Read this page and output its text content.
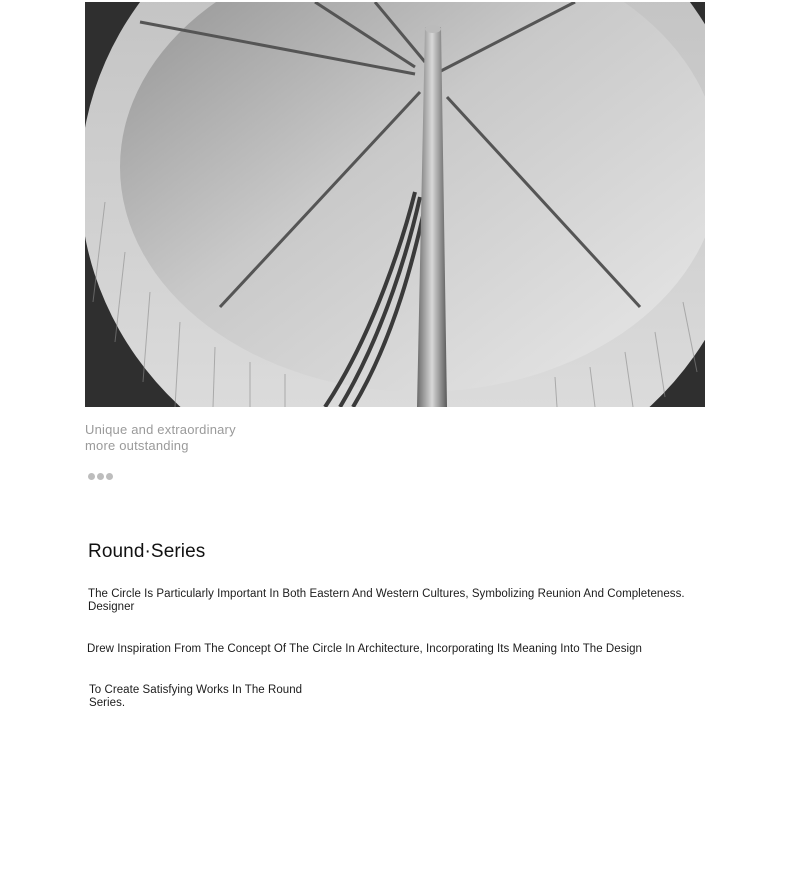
Unique and extraordinary
more outstanding
Round·Series
The Circle Is Particularly Important In Both Eastern And Western Cultures, Symbolizing Reunion And Completeness. Designer
Drew Inspiration From The Concept Of The Circle In Architecture, Incorporating Its Meaning Into The Design
To Create Satisfying Works In The Round Series.
